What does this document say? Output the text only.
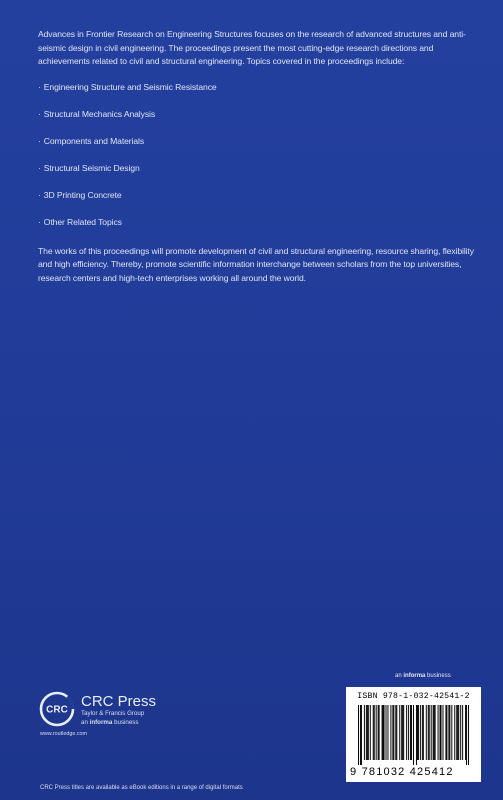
Advances in Frontier Research on Engineering Structures focuses on the research of advanced structures and anti-seismic design in civil engineering. The proceedings present the most cutting-edge research directions and achievements related to civil and structural engineering. Topics covered in the proceedings include:

· Engineering Structure and Seismic Resistance
· Structural Mechanics Analysis
· Components and Materials
· Structural Seismic Design
· 3D Printing Concrete
· Other Related Topics

The works of this proceedings will promote development of civil and structural engineering, resource sharing, flexibility and high efficiency. Thereby, promote scientific information interchange between scholars from the top universities, research centers and high-tech enterprises working all around the world.

an informa business
ISBN 978-1-032-42541-2
9 781032 425412
CRC CRC Press
Taylor & Francis Group
an informa business
www.routledge.com
CRC Press titles are available as eBook editions in a range of digital formats
